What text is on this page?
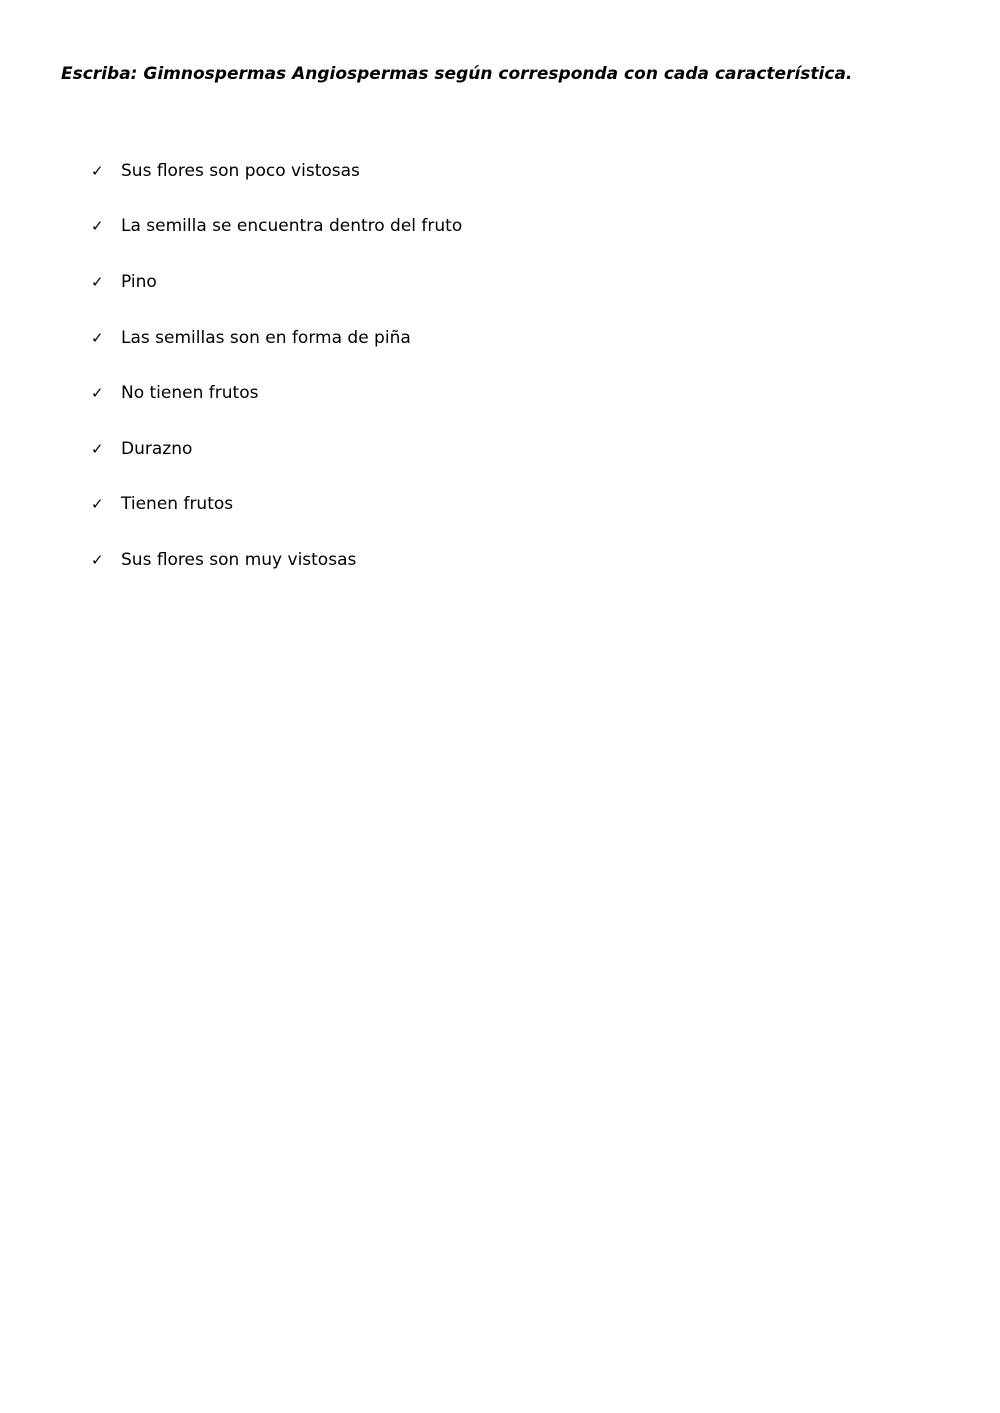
Escriba: Gimnospermas Angiospermas según corresponda con cada característica.

✓	Sus flores son poco vistosas
✓	La semilla se encuentra dentro del fruto
✓	Pino
✓	Las semillas son en forma de piña
✓	No tienen frutos
✓	Durazno
✓	Tienen frutos
✓	Sus flores son muy vistosas
